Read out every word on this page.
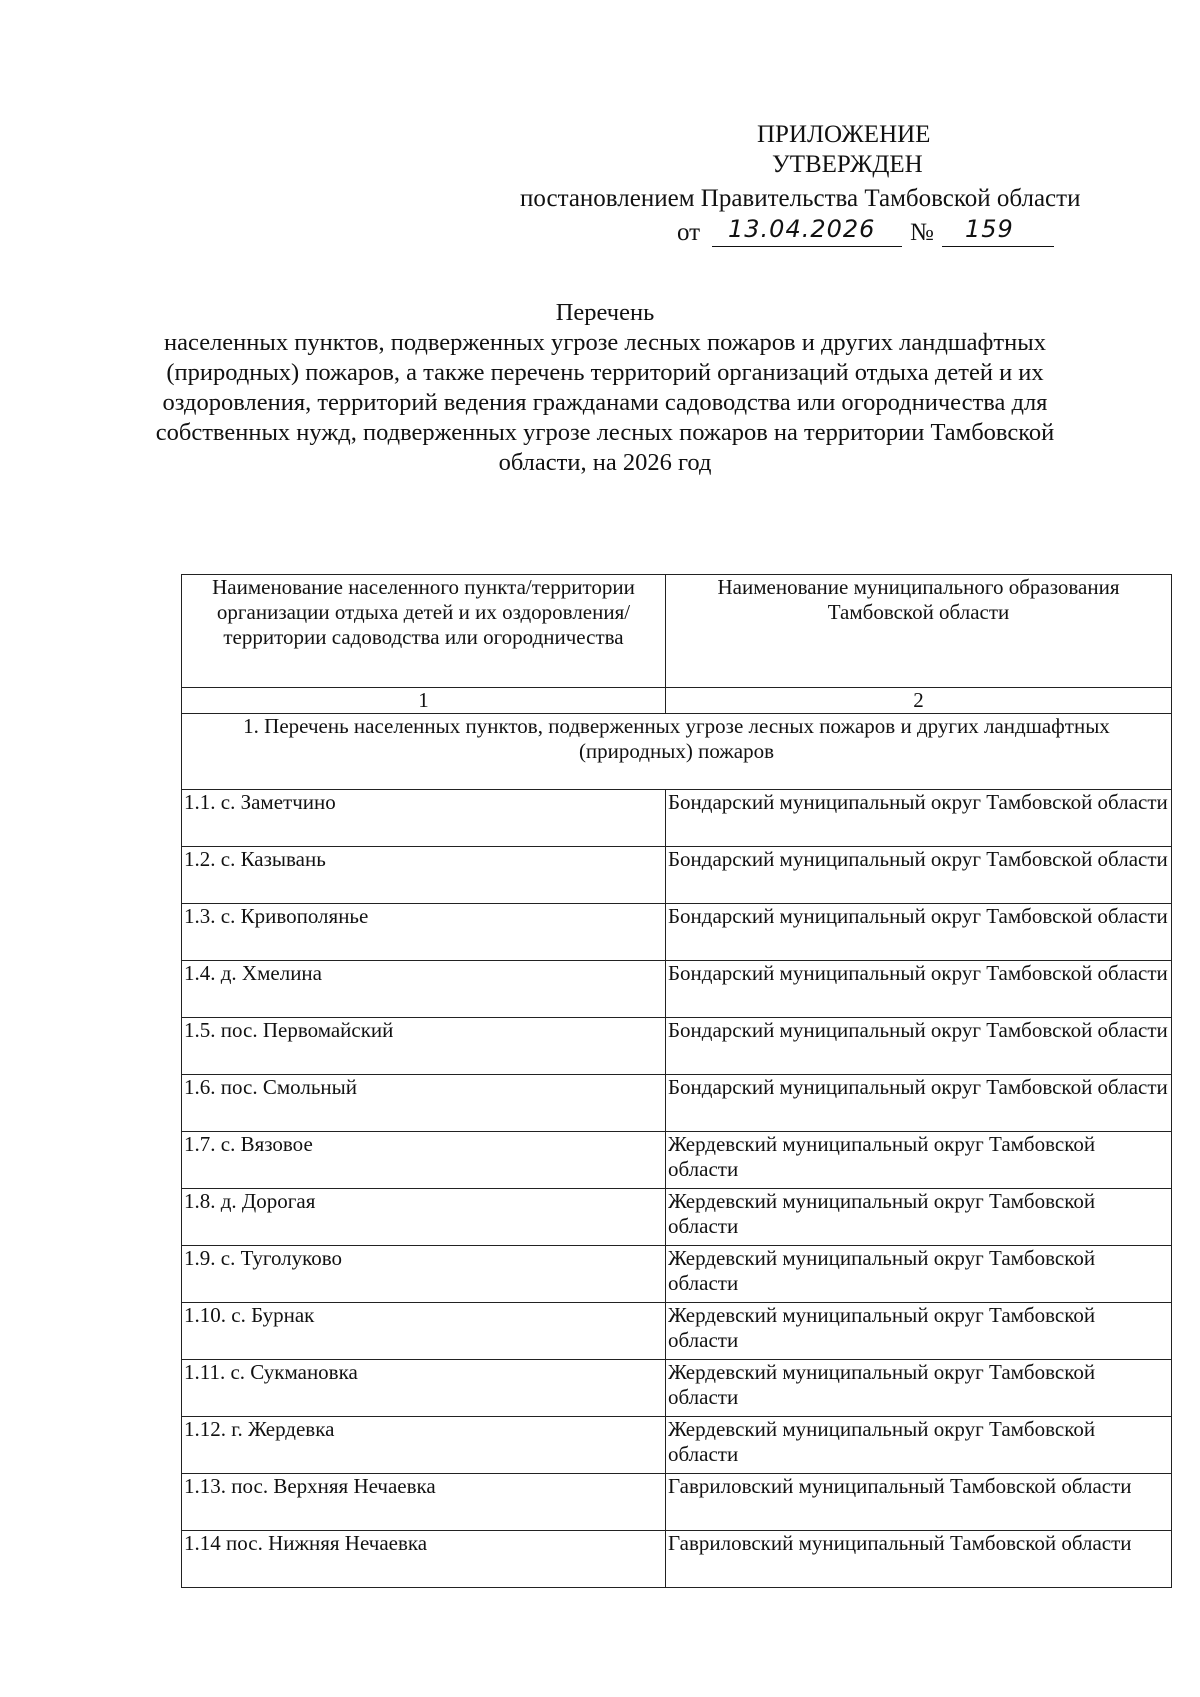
ПРИЛОЖЕНИЕ
УТВЕРЖДЕН
постановлением Правительства Тамбовской области
от 13.04.2026 № 159
Перечень
населенных пунктов, подверженных угрозе лесных пожаров и других ландшафтных (природных) пожаров, а также перечень территорий организаций отдыха детей и их оздоровления, территорий ведения гражданами садоводства или огородничества для собственных нужд, подверженных угрозе лесных пожаров на территории Тамбовской области, на 2026 год
Наименование населенного пункта/территории организации отдыха детей и их оздоровления/территории садоводства или огородничества	Наименование муниципального образования Тамбовской области
1	2
1. Перечень населенных пунктов, подверженных угрозе лесных пожаров и других ландшафтных (природных) пожаров	
1.1. с. Заметчино	Бондарский муниципальный округ Тамбовской области
1.2. с. Казывань	Бондарский муниципальный округ Тамбовской области
1.3. с. Кривополянье	Бондарский муниципальный округ Тамбовской области
1.4. д. Хмелина	Бондарский муниципальный округ Тамбовской области
1.5. пос. Первомайский	Бондарский муниципальный округ Тамбовской области
1.6. пос. Смольный	Бондарский муниципальный округ Тамбовской области
1.7. с. Вязовое	Жердевский муниципальный округ Тамбовской области
1.8. д. Дорогая	Жердевский муниципальный округ Тамбовской области
1.9. с. Туголуково	Жердевский муниципальный округ Тамбовской области
1.10. с. Бурнак	Жердевский муниципальный округ Тамбовской области
1.11. с. Сукмановка	Жердевский муниципальный округ Тамбовской области
1.12. г. Жердевка	Жердевский муниципальный округ Тамбовской области
1.13. пос. Верхняя Нечаевка	Гавриловский муниципальный Тамбовской области
1.14 пос. Нижняя Нечаевка	Гавриловский муниципальный Тамбовской области
